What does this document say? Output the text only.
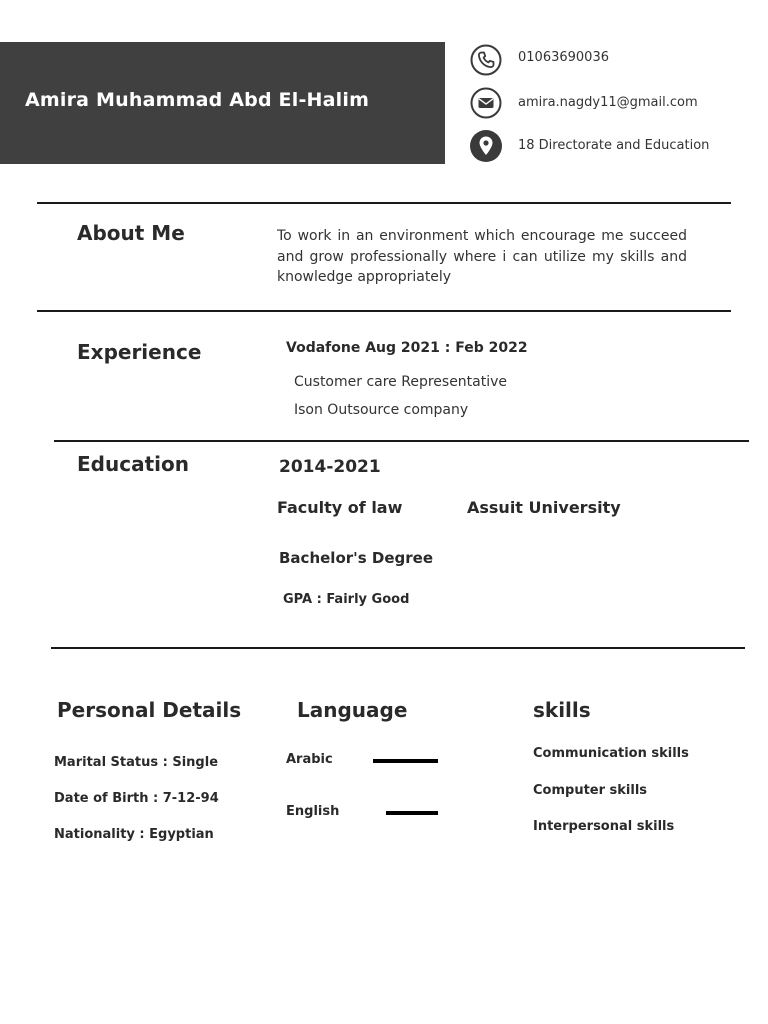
Amira Muhammad Abd El-Halim
01063690036
amira.nagdy11@gmail.com
18 Directorate and Education
About Me	To work in an environment which encourage me succeed and grow professionally where i can utilize my skills and knowledge appropriately
Experience	Vodafone Aug 2021 : Feb 2022
Customer care Representative
Ison Outsource company
Education	2014-2021
Faculty of law	Assuit University
Bachelor's Degree
GPA : Fairly Good
Personal Details
Marital Status : Single
Date of Birth : 7-12-94
Nationality : Egyptian
Language
Arabic
English
skills
Communication skills
Computer skills
Interpersonal skills
